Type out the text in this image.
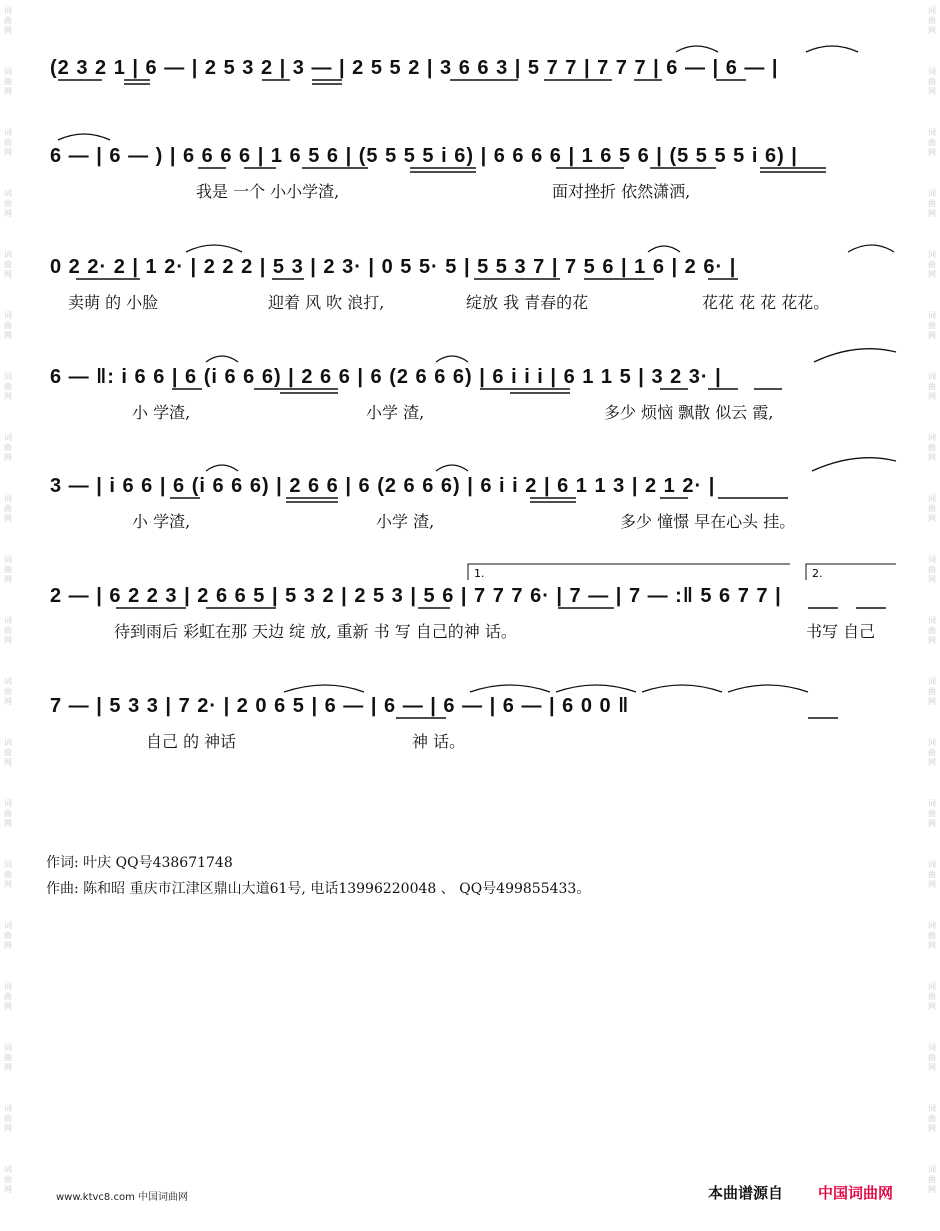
词
曲
网
词
曲
网
词
曲
网
词
曲
网
词
曲
网
词
曲
网
词
曲
网
词
曲
网
词
曲
网
词
曲
网
词
曲
网
词
曲
网
词
曲
网
词
曲
网
词
曲
网
词
曲
网
词
曲
网
词
曲
网
词
曲
网
词
曲
网
词
曲
网
词
曲
网
词
曲
网
词
曲
网
词
曲
网
词
曲
网
词
曲
网
词
曲
网
词
曲
网
词
曲
网
词
曲
网
词
曲
网
词
曲
网
词
曲
网
词
曲
网
词
曲
网
词
曲
网
词
曲
网
词
曲
网
词
曲
网
(2 3 2 1 | 6 — | 2 5 3 2 | 3 — | 2 5 5 2 | 3 6 6 3 | 5 7 7 | 7 7 7 | 6 — | 6 — |
6 — | 6 — ) | 6 6 6 6 | 1 6 5 6 | (5 5 5 5 i 6) | 6 6 6 6 | 1 6 5 6 | (5 5 5 5 i 6) |
我是 一个 小小学渣,	面对挫折 依然潇洒,
0 2 2· 2 | 1 2· | 2 2 2 | 5 3 | 2 3· | 0 5 5· 5 | 5 5 3 7 | 7 5 6 | 1 6 | 2 6· |
卖萌 的 小脸	迎着 风 吹 浪打,	绽放 我 青春的花	花花 花 花 花花。
6 — ‖: i 6 6 | 6 (i 6 6 6) | 2 6 6 | 6 (2 6 6 6) | 6 i i i | 6 1 1 5 | 3 2 3· |
小 学渣,	小学 渣,	多少 烦恼 飘散 似云 霞,
3 — | i 6 6 | 6 (i 6 6 6) | 2 6 6 | 6 (2 6 6 6) | 6 i i 2 | 6 1 1 3 | 2 1 2· |
小 学渣,	小学 渣,	多少 憧憬 早在心头 挂。
2 — | 6 2 2 3 | 2 6 6 5 | 5 3 2 | 2 5 3 | 5 6 | 7 7 7 6· | 7 — | 7 — :‖ 5 6 7 7 |
待到雨后 彩虹在那 天边 绽 放, 重新 书 写 自己的神 话。	书写 自己
7 — | 5 3 3 | 7 2· | 2 0 6 5 | 6 — | 6 — | 6 — | 6 — | 6 0 0 ‖
自己 的 神话	神 话。
1.	2.
作词: 叶庆 QQ号438671748
作曲: 陈和昭 重庆市江津区鼎山大道61号, 电话13996220048 、 QQ号499855433。
www.ktvc8.com 中国词曲网	本曲谱源自 中国词曲网
